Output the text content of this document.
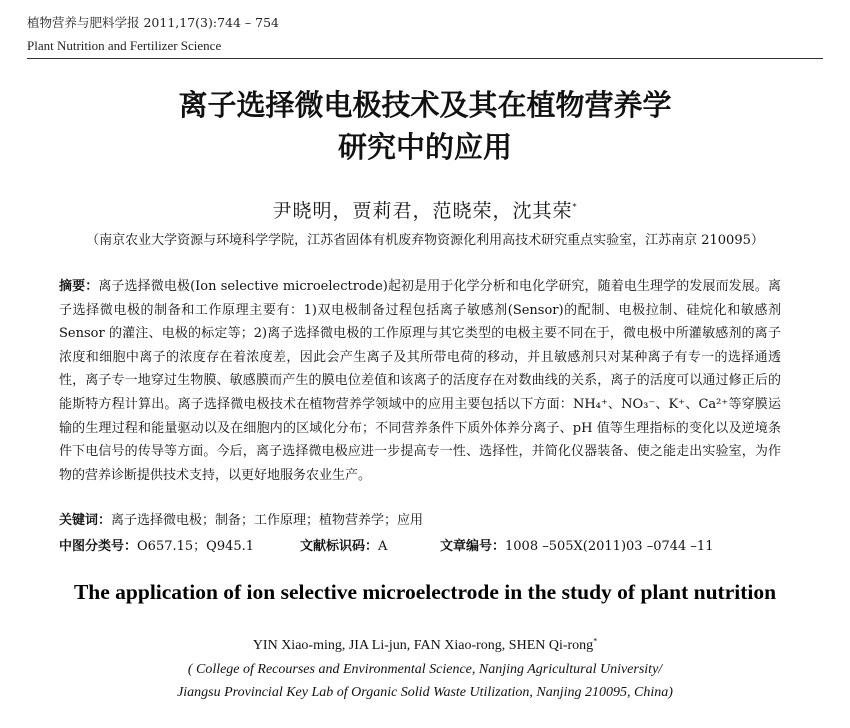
植物营养与肥料学报 2011,17(3):744 – 754
Plant Nutrition and Fertilizer Science
离子选择微电极技术及其在植物营养学
研究中的应用
尹晓明，贾莉君，范晓荣，沈其荣*
（南京农业大学资源与环境科学学院，江苏省固体有机废弃物资源化利用高技术研究重点实验室，江苏南京 210095）
摘要：离子选择微电极(Ion selective microelectrode)起初是用于化学分析和电化学研究，随着电生理学的发展而发展。离子选择微电极的制备和工作原理主要有：1)双电极制备过程包括离子敏感剂(Sensor)的配制、电极拉制、硅烷化和敏感剂 Sensor 的灌注、电极的标定等；2)离子选择微电极的工作原理与其它类型的电极主要不同在于，微电极中所灌敏感剂的离子浓度和细胞中离子的浓度存在着浓度差，因此会产生离子及其所带电荷的移动，并且敏感剂只对某种离子有专一的选择通透性，离子专一地穿过生物膜、敏感膜而产生的膜电位差值和该离子的活度存在对数曲线的关系，离子的活度可以通过修正后的能斯特方程计算出。离子选择微电极技术在植物营养学领域中的应用主要包括以下方面：NH₄⁺、NO₃⁻、K⁺、Ca²⁺等穿膜运输的生理过程和能量驱动以及在细胞内的区域化分布；不同营养条件下质外体养分离子、pH 值等生理指标的变化以及逆境条件下电信号的传导等方面。今后，离子选择微电极应进一步提高专一性、选择性，并简化仪器装备、使之能走出实验室，为作物的营养诊断提供技术支持，以更好地服务农业生产。
关键词：离子选择微电极；制备；工作原理；植物营养学；应用
中图分类号：O657.15；Q945.1	文献标识码：A	文章编号：1008 –505X(2011)03 –0744 –11
The application of ion selective microelectrode in the study of plant nutrition
YIN Xiao-ming, JIA Li-jun, FAN Xiao-rong, SHEN Qi-rong*
( College of Recourses and Environmental Science, Nanjing Agricultural University/
Jiangsu Provincial Key Lab of Organic Solid Waste Utilization, Nanjing 210095, China)
